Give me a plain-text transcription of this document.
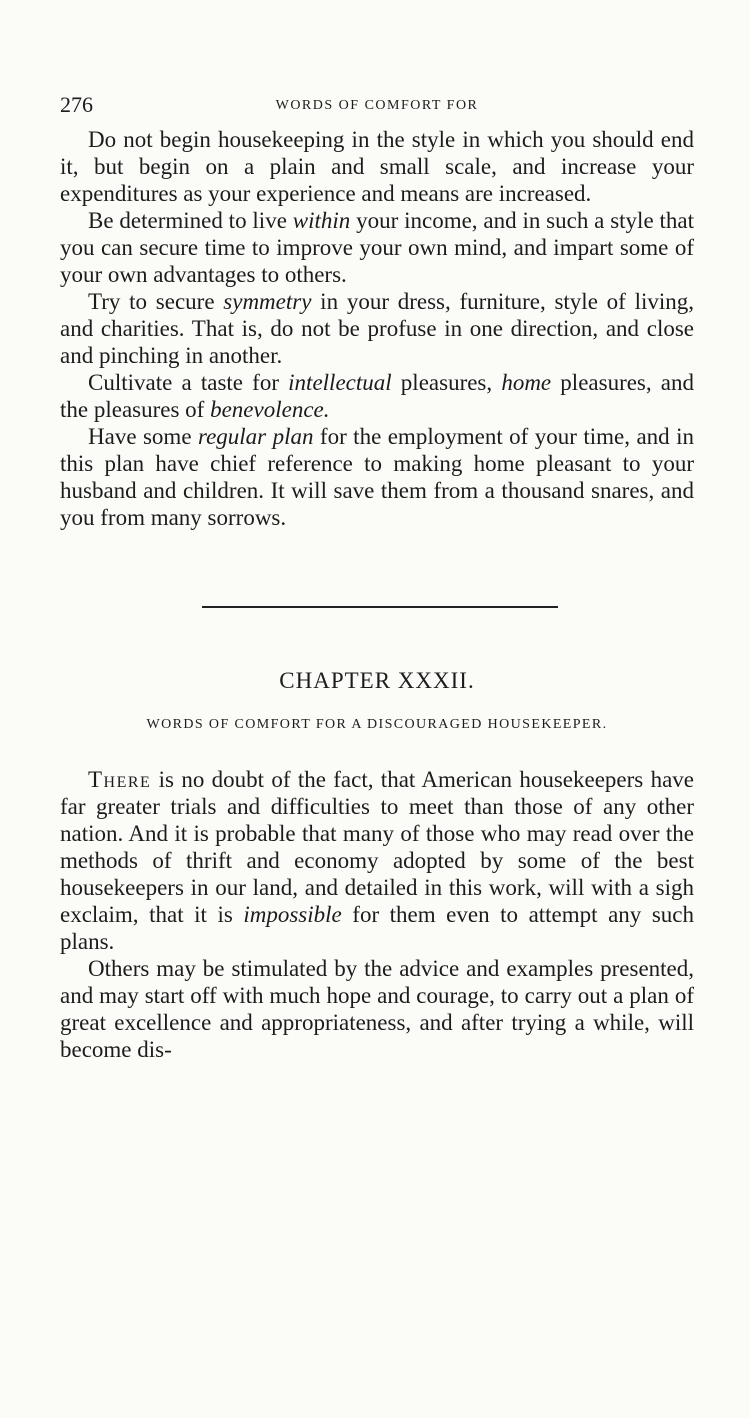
276	WORDS OF COMFORT FOR

Do not begin housekeeping in the style in which you should end it, but begin on a plain and small scale, and increase your expenditures as your experience and means are increased.

Be determined to live within your income, and in such a style that you can secure time to improve your own mind, and impart some of your own advantages to others.

Try to secure symmetry in your dress, furniture, style of living, and charities. That is, do not be profuse in one direction, and close and pinching in another.

Cultivate a taste for intellectual pleasures, home pleasures, and the pleasures of benevolence.

Have some regular plan for the employment of your time, and in this plan have chief reference to making home pleasant to your husband and children. It will save them from a thousand snares, and you from many sorrows.

CHAPTER XXXII.
WORDS OF COMFORT FOR A DISCOURAGED HOUSEKEEPER.

There is no doubt of the fact, that American housekeepers have far greater trials and difficulties to meet than those of any other nation. And it is probable that many of those who may read over the methods of thrift and economy adopted by some of the best housekeepers in our land, and detailed in this work, will with a sigh exclaim, that it is impossible for them even to attempt any such plans.

Others may be stimulated by the advice and examples presented, and may start off with much hope and courage, to carry out a plan of great excellence and appropriateness, and after trying a while, will become dis-
